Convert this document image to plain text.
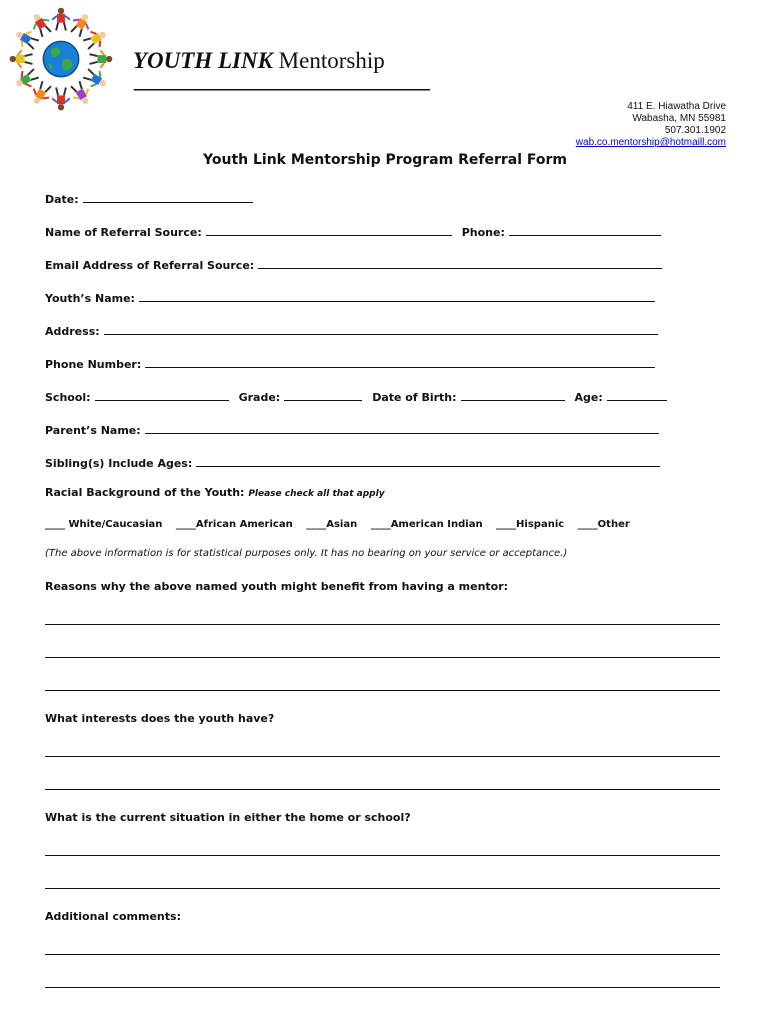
YOUTH LINK Mentorship
--------------------------------------------------------------------------
411 E. Hiawatha Drive
Wabasha, MN 55981
507.301.1902
wab.co.mentorship@hotmaill.com
Youth Link Mentorship Program Referral Form
Date:
Name of Referral Source:	Phone:
Email Address of Referral Source:
Youth’s Name:
Address:
Phone Number:
School:	Grade:	Date of Birth:	Age:
Parent’s Name:
Sibling(s) Include Ages:
Racial Background of the Youth: Please check all that apply
____ White/Caucasian ____African American ____Asian ____American Indian ____Hispanic ____Other
(The above information is for statistical purposes only. It has no bearing on your service or acceptance.)
Reasons why the above named youth might benefit from having a mentor:
What interests does the youth have?
What is the current situation in either the home or school?
Additional comments:
